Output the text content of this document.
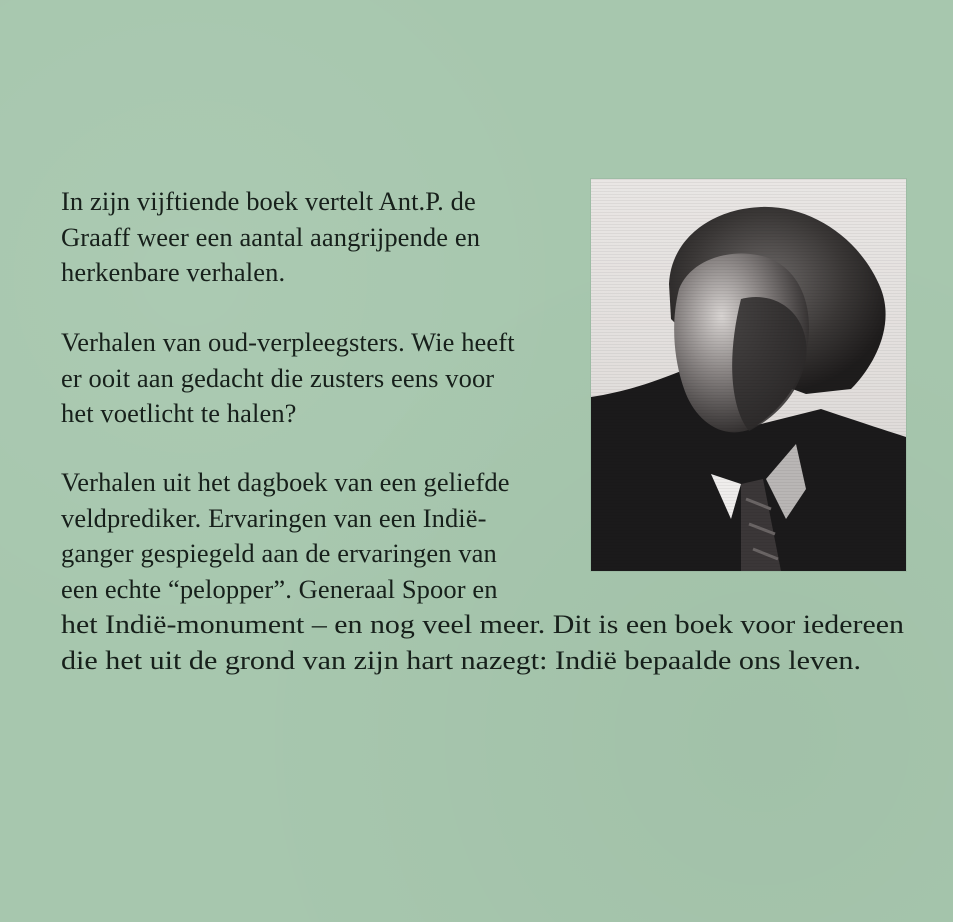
In zijn vijftiende boek vertelt Ant.P. de
Graaff weer een aantal aangrijpende en
herkenbare verhalen.
Verhalen van oud-verpleegsters. Wie heeft
er ooit aan gedacht die zusters eens voor
het voetlicht te halen?
Verhalen uit het dagboek van een geliefde
veldprediker. Ervaringen van een Indië-
ganger gespiegeld aan de ervaringen van
een echte “pelopper”. Generaal Spoor en
het Indië-monument – en nog veel meer. Dit is een boek voor iedereen
die het uit de grond van zijn hart nazegt: Indië bepaalde ons leven.
